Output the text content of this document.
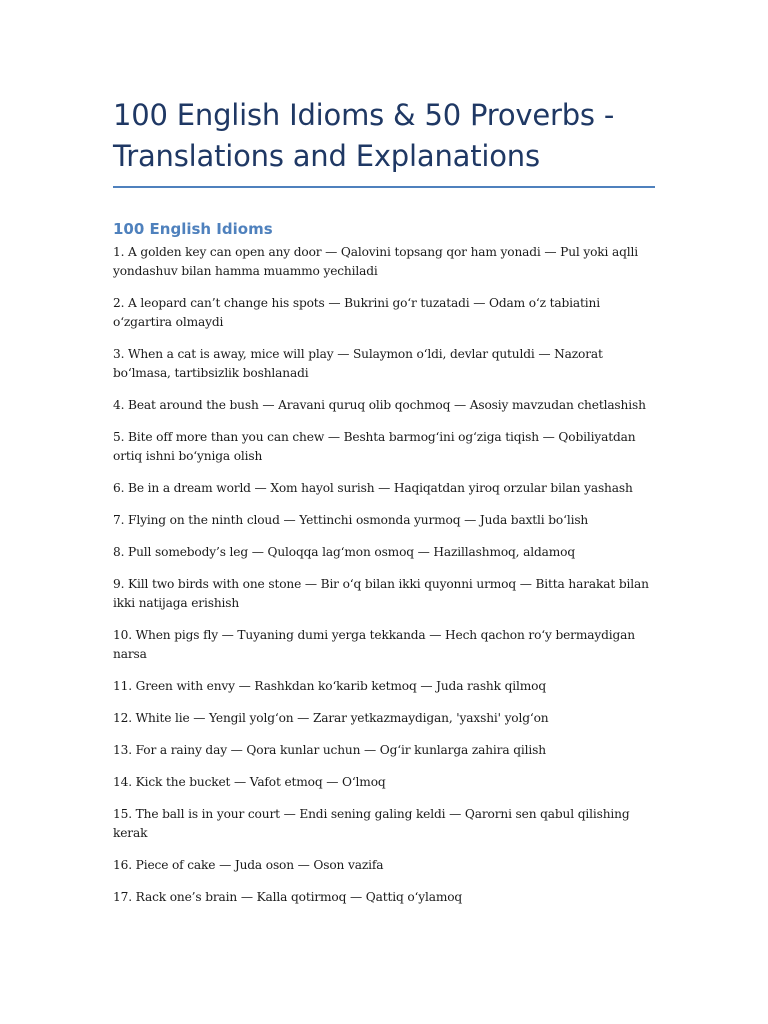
100 English Idioms & 50 Proverbs - Translations and Explanations
100 English Idioms
1. A golden key can open any door — Qalovini topsang qor ham yonadi — Pul yoki aqlli yondashuv bilan hamma muammo yechiladi
2. A leopard can’t change his spots — Bukrini go‘r tuzatadi — Odam o‘z tabiatini o‘zgartira olmaydi
3. When a cat is away, mice will play — Sulaymon o‘ldi, devlar qutuldi — Nazorat bo‘lmasa, tartibsizlik boshlanadi
4. Beat around the bush — Aravani quruq olib qochmoq — Asosiy mavzudan chetlashish
5. Bite off more than you can chew — Beshta barmog‘ini og‘ziga tiqish — Qobiliyatdan ortiq ishni bo‘yniga olish
6. Be in a dream world — Xom hayol surish — Haqiqatdan yiroq orzular bilan yashash
7. Flying on the ninth cloud — Yettinchi osmonda yurmoq — Juda baxtli bo‘lish
8. Pull somebody’s leg — Quloqqa lag‘mon osmoq — Hazillashmoq, aldamoq
9. Kill two birds with one stone — Bir o‘q bilan ikki quyonni urmoq — Bitta harakat bilan ikki natijaga erishish
10. When pigs fly — Tuyaning dumi yerga tekkanda — Hech qachon ro‘y bermaydigan narsa
11. Green with envy — Rashkdan ko‘karib ketmoq — Juda rashk qilmoq
12. White lie — Yengil yolg‘on — Zarar yetkazmaydigan, 'yaxshi' yolg‘on
13. For a rainy day — Qora kunlar uchun — Og‘ir kunlarga zahira qilish
14. Kick the bucket — Vafot etmoq — O‘lmoq
15. The ball is in your court — Endi sening galing keldi — Qarorni sen qabul qilishing kerak
16. Piece of cake — Juda oson — Oson vazifa
17. Rack one’s brain — Kalla qotirmoq — Qattiq o‘ylamoq
